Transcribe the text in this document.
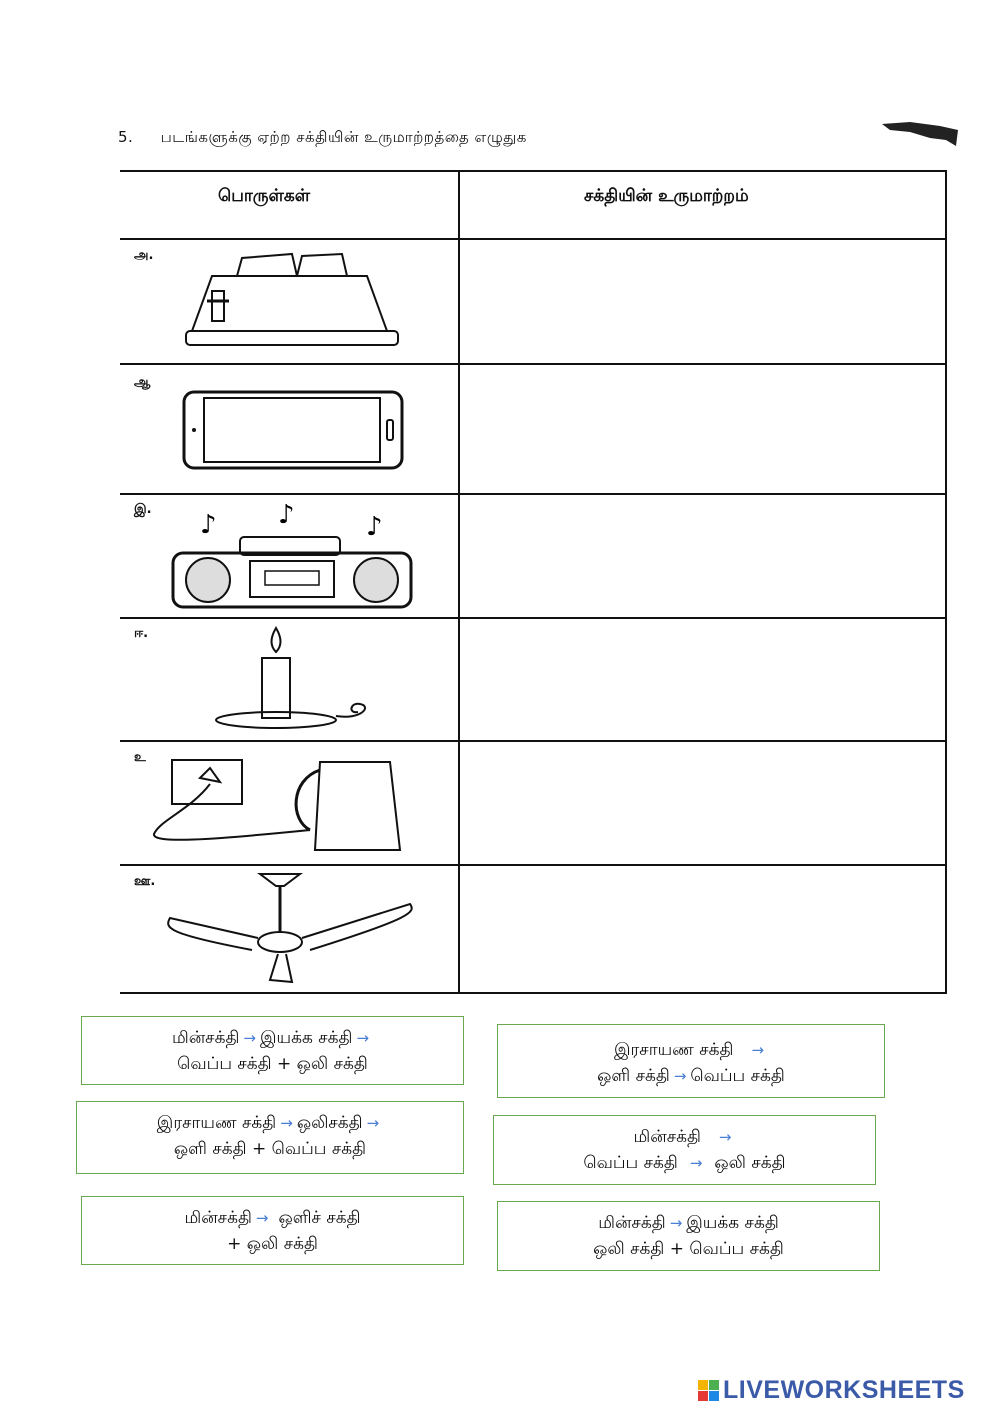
5. படங்களுக்கு ஏற்ற சக்தியின் உருமாற்றத்தை எழுதுக
பொருள்கள்	சக்தியின் உருமாற்றம்
அ.
ஆ
இ.
♪ ♪	♪
ஈ.
உ
ஊ.
மின்சக்தி → இயக்க சக்தி →
வெப்ப சக்தி + ஒலி சக்தி
இரசாயண சக்தி →
ஒளி சக்தி → வெப்ப சக்தி
இரசாயண சக்தி → ஒலிசக்தி →
ஒளி சக்தி + வெப்ப சக்தி
மின்சக்தி →
வெப்ப சக்தி → ஒலி சக்தி
மின்சக்தி → ஒளிச் சக்தி
+ ஒலி சக்தி
மின்சக்தி → இயக்க சக்தி
ஒலி சக்தி + வெப்ப சக்தி
LIVEWORKSHEETS
